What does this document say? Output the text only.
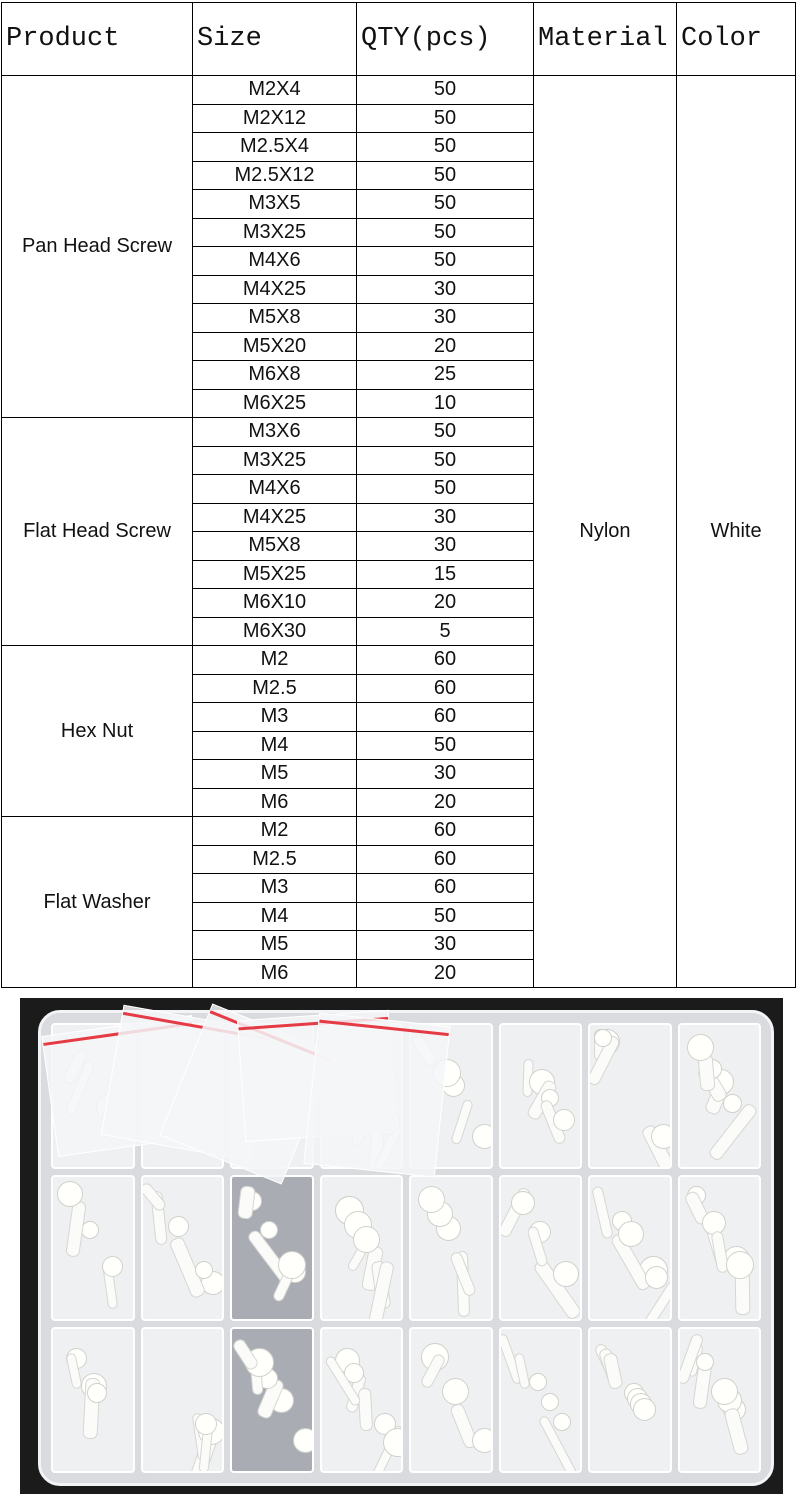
Product	Size	QTY(pcs)	Material	Color
Pan Head Screw	M2X4	50	Nylon	White
	M2X12	50		
	M2.5X4	50		
	M2.5X12	50		
	M3X5	50		
	M3X25	50		
	M4X6	50		
	M4X25	30		
	M5X8	30		
	M5X20	20		
	M6X8	25		
	M6X25	10		
Flat Head Screw	M3X6	50		
	M3X25	50		
	M4X6	50		
	M4X25	30		
	M5X8	30		
	M5X25	15		
	M6X10	20		
	M6X30	5		
Hex Nut	M2	60		
	M2.5	60		
	M3	60		
	M4	50		
	M5	30		
	M6	20		
Flat Washer	M2	60		
	M2.5	60		
	M3	60		
	M4	50		
	M5	30		
	M6	20		
